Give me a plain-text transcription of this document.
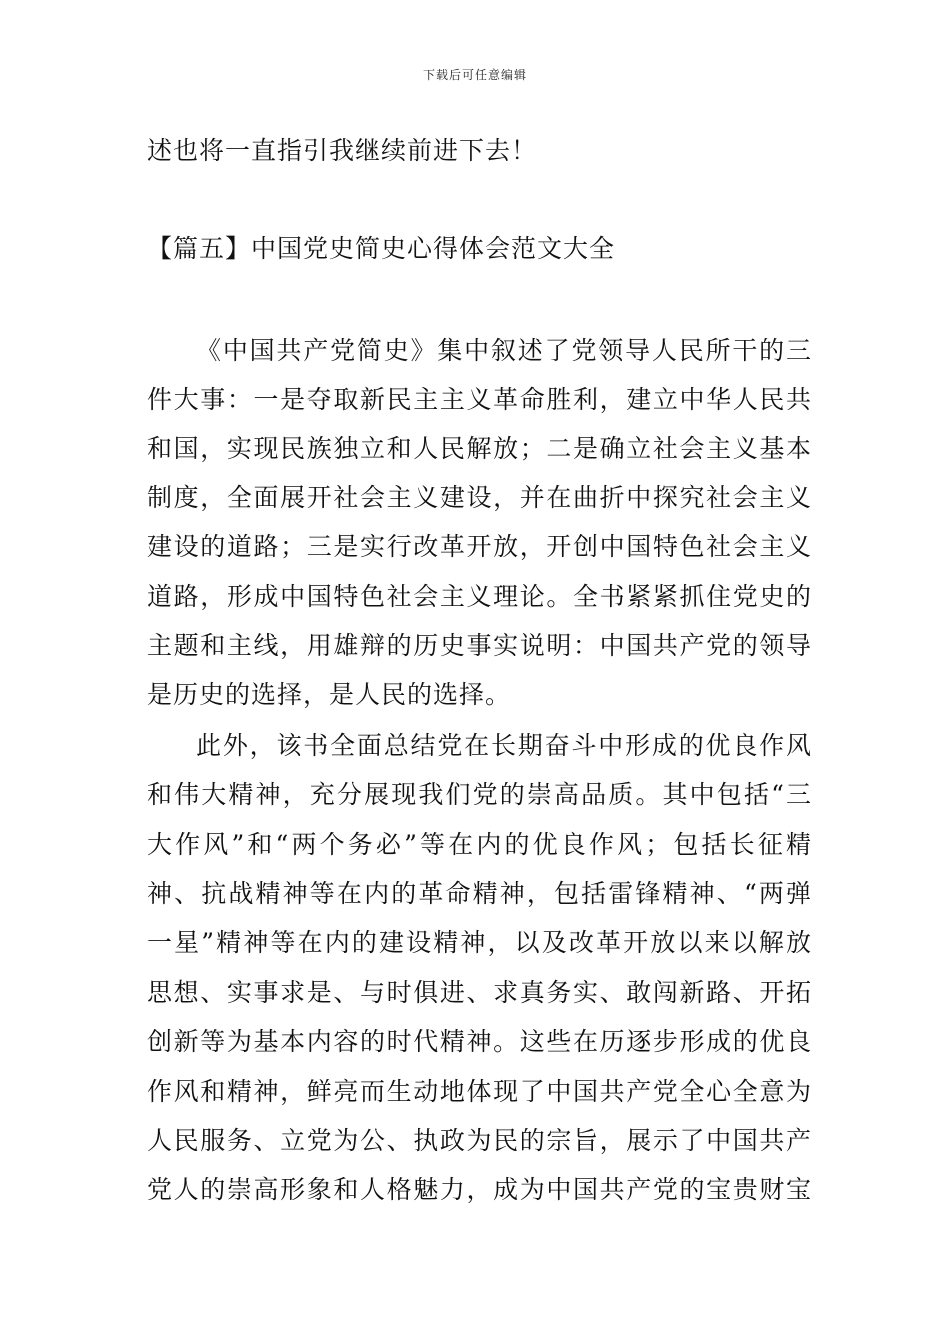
下载后可任意编辑
述也将一直指引我继续前进下去！
【篇五】中国党史简史心得体会范文大全
《中国共产党简史》集中叙述了党领导人民所干的三
件大事：一是夺取新民主主义革命胜利，建立中华人民共
和国，实现民族独立和人民解放；二是确立社会主义基本
制度，全面展开社会主义建设，并在曲折中探究社会主义
建设的道路；三是实行改革开放，开创中国特色社会主义
道路，形成中国特色社会主义理论。全书紧紧抓住党史的
主题和主线，用雄辩的历史事实说明：中国共产党的领导
是历史的选择，是人民的选择。
此外，该书全面总结党在长期奋斗中形成的优良作风
和伟大精神，充分展现我们党的崇高品质。其中包括“三
大作风”和“两个务必”等在内的优良作风；包括长征精
神、抗战精神等在内的革命精神，包括雷锋精神、“两弹
一星”精神等在内的建设精神，以及改革开放以来以解放
思想、实事求是、与时俱进、求真务实、敢闯新路、开拓
创新等为基本内容的时代精神。这些在历逐步形成的优良
作风和精神，鲜亮而生动地体现了中国共产党全心全意为
人民服务、立党为公、执政为民的宗旨，展示了中国共产
党人的崇高形象和人格魅力，成为中国共产党的宝贵财宝
